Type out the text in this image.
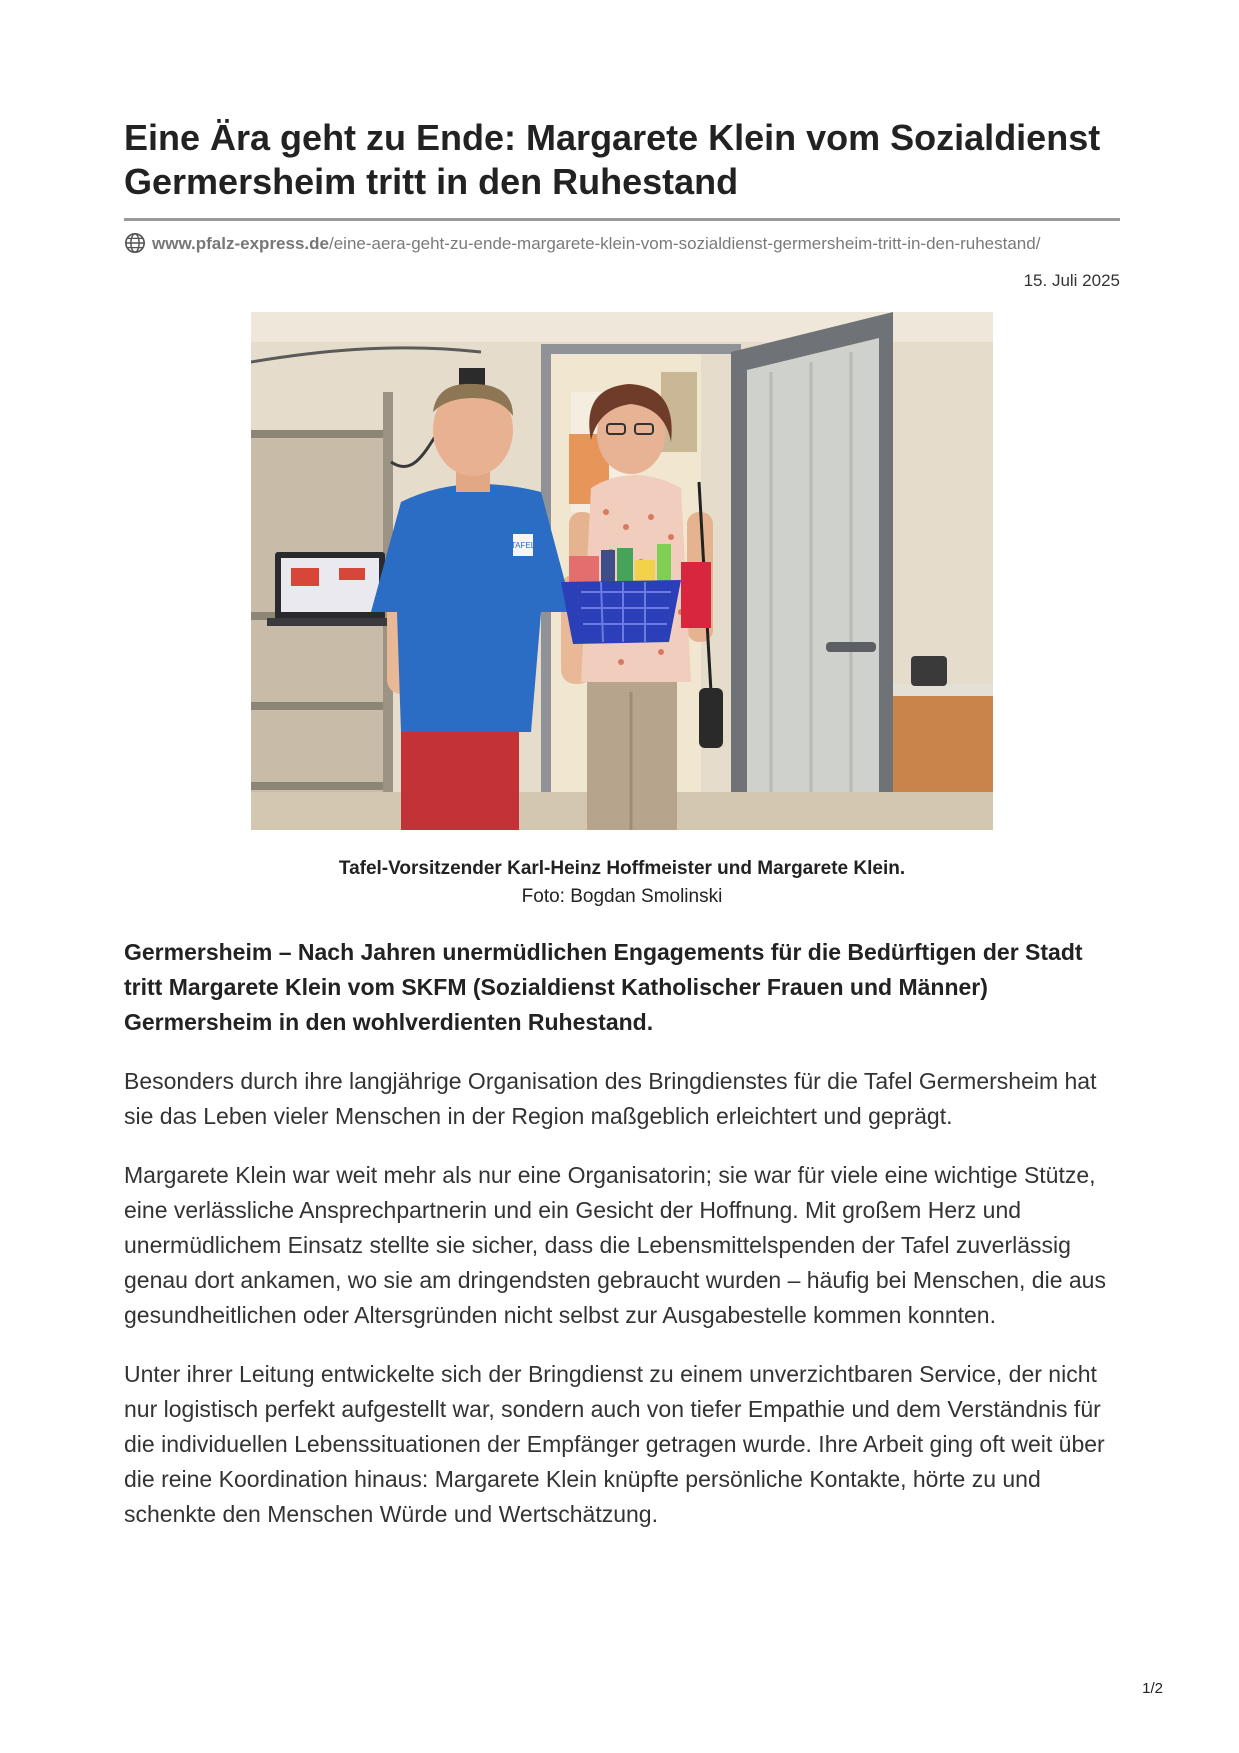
Eine Ära geht zu Ende: Margarete Klein vom Sozialdienst Germersheim tritt in den Ruhestand
www.pfalz-express.de/eine-aera-geht-zu-ende-margarete-klein-vom-sozialdienst-germersheim-tritt-in-den-ruhestand/
15. Juli 2025
TAFEL
Tafel-Vorsitzender Karl-Heinz Hoffmeister und Margarete Klein.
Foto: Bogdan Smolinski

Germersheim – Nach Jahren unermüdlichen Engagements für die Bedürftigen der Stadt tritt Margarete Klein vom SKFM (Sozialdienst Katholischer Frauen und Männer) Germersheim in den wohlverdienten Ruhestand.

Besonders durch ihre langjährige Organisation des Bringdienstes für die Tafel Germersheim hat sie das Leben vieler Menschen in der Region maßgeblich erleichtert und geprägt.

Margarete Klein war weit mehr als nur eine Organisatorin; sie war für viele eine wichtige Stütze, eine verlässliche Ansprechpartnerin und ein Gesicht der Hoffnung. Mit großem Herz und unermüdlichem Einsatz stellte sie sicher, dass die Lebensmittelspenden der Tafel zuverlässig genau dort ankamen, wo sie am dringendsten gebraucht wurden – häufig bei Menschen, die aus gesundheitlichen oder Altersgründen nicht selbst zur Ausgabestelle kommen konnten.

Unter ihrer Leitung entwickelte sich der Bringdienst zu einem unverzichtbaren Service, der nicht nur logistisch perfekt aufgestellt war, sondern auch von tiefer Empathie und dem Verständnis für die individuellen Lebenssituationen der Empfänger getragen wurde. Ihre Arbeit ging oft weit über die reine Koordination hinaus: Margarete Klein knüpfte persönliche Kontakte, hörte zu und schenkte den Menschen Würde und Wertschätzung.

1/2
